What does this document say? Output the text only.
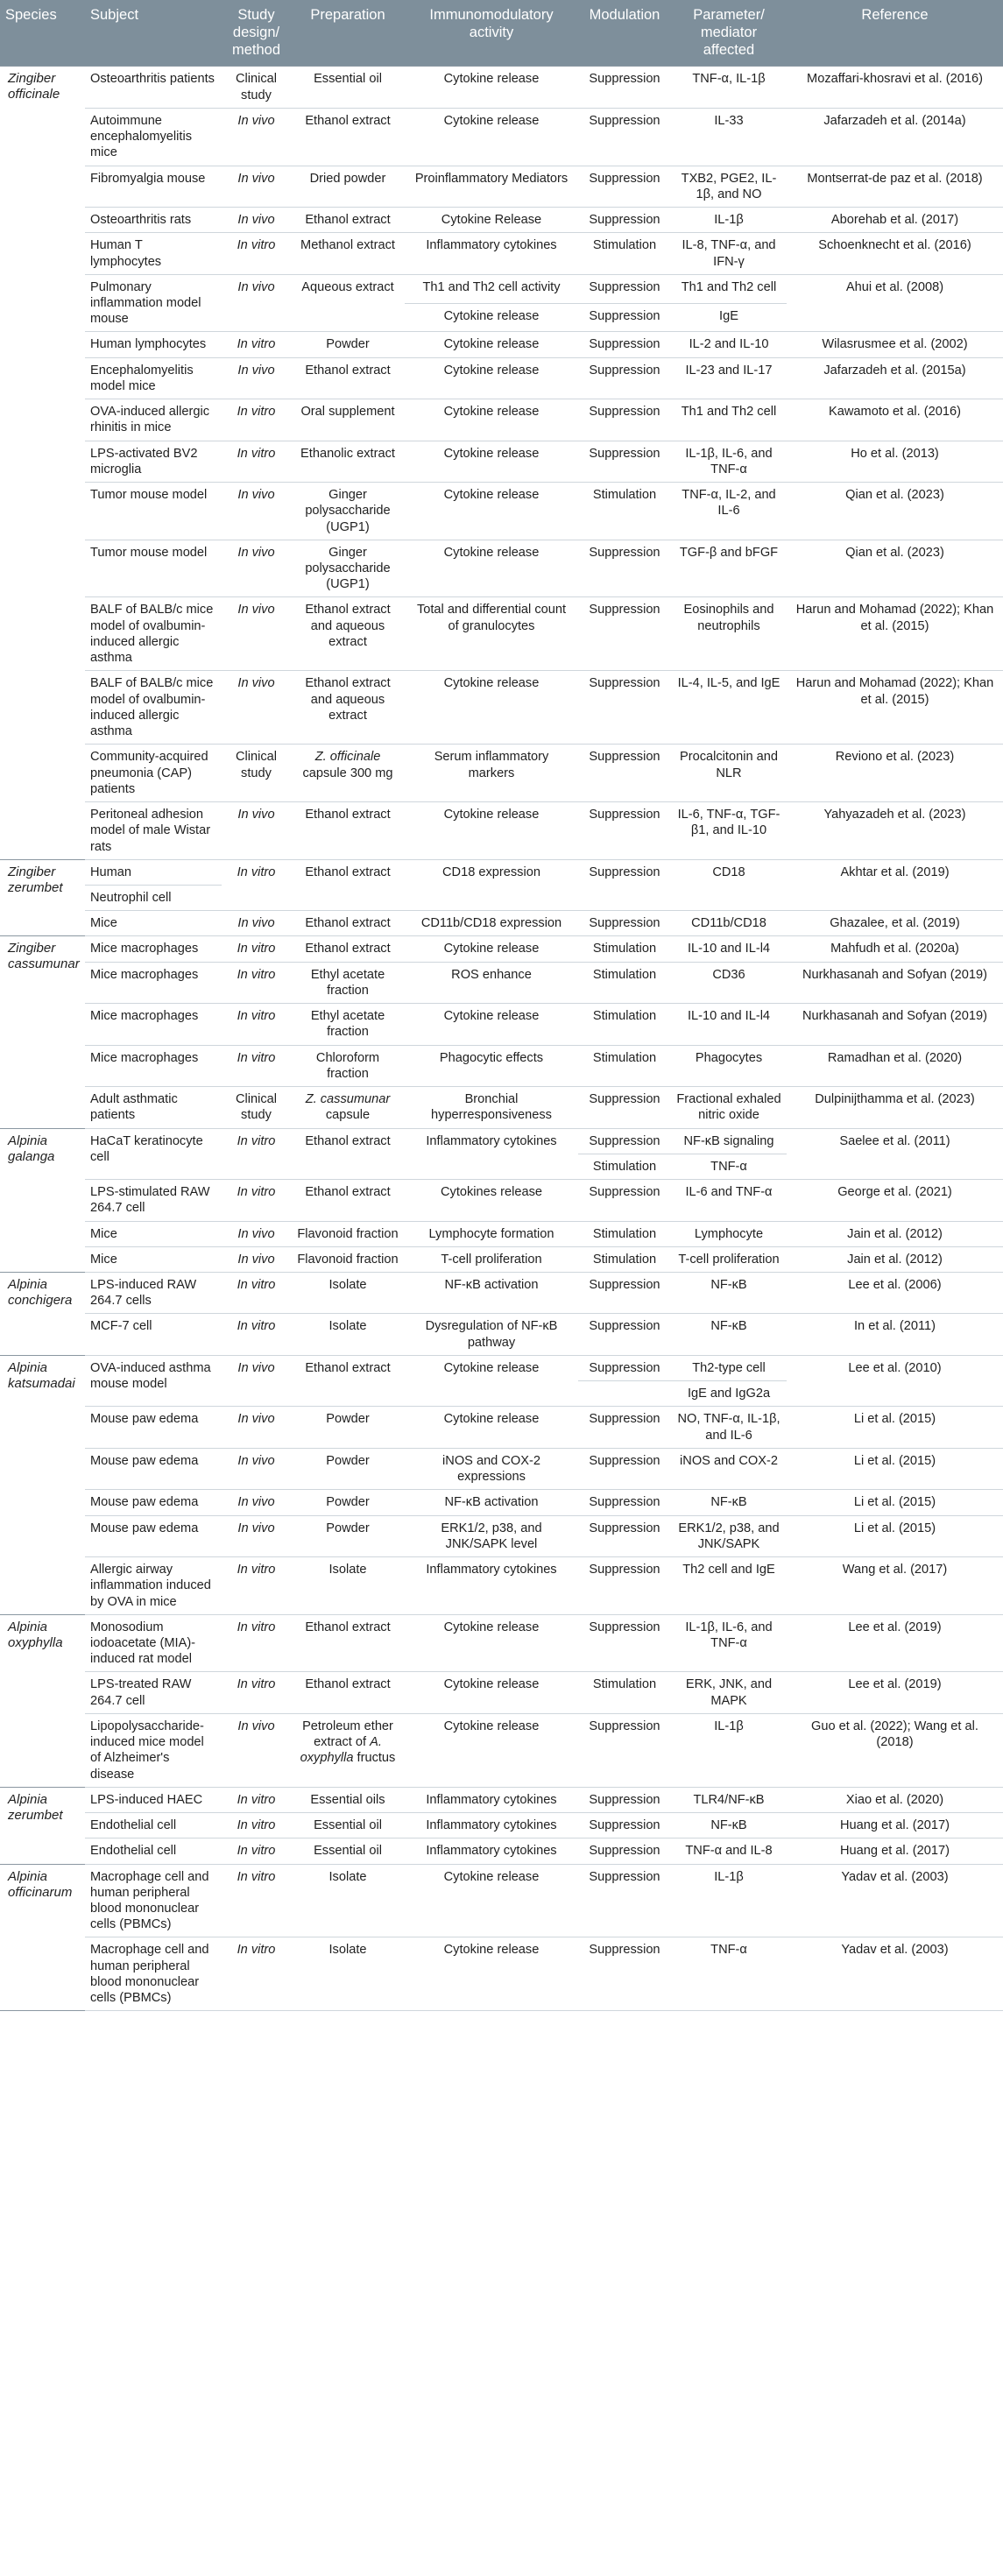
Species	Subject	Study design/ method	Preparation	Immunomodulatory activity	Modulation	Parameter/ mediator affected	Reference
Zingiber officinale	Osteoarthritis patients	Clinical study	Essential oil	Cytokine release	Suppression	TNF-α, IL-1β	Mozaffari-khosravi et al. (2016)
	Autoimmune encephalomyelitis mice	In vivo	Ethanol extract	Cytokine release	Suppression	IL-33	Jafarzadeh et al. (2014a)
	Fibromyalgia mouse	In vivo	Dried powder	Proinflammatory Mediators	Suppression	TXB2, PGE2, IL-1β, and NO	Montserrat-de paz et al. (2018)
	Osteoarthritis rats	In vivo	Ethanol extract	Cytokine Release	Suppression	IL-1β	Aborehab et al. (2017)
	Human T lymphocytes	In vitro	Methanol extract	Inflammatory cytokines	Stimulation	IL-8, TNF-α, and IFN-γ	Schoenknecht et al. (2016)
	Pulmonary inflammation model mouse	In vivo	Aqueous extract	Th1 and Th2 cell activity	Suppression	Th1 and Th2 cell	Ahui et al. (2008)
				Cytokine release	Suppression	IgE	
	Human lymphocytes	In vitro	Powder	Cytokine release	Suppression	IL-2 and IL-10	Wilasrusmee et al. (2002)
	Encephalomyelitis model mice	In vivo	Ethanol extract	Cytokine release	Suppression	IL-23 and IL-17	Jafarzadeh et al. (2015a)
	OVA-induced allergic rhinitis in mice	In vitro	Oral supplement	Cytokine release	Suppression	Th1 and Th2 cell	Kawamoto et al. (2016)
	LPS-activated BV2 microglia	In vitro	Ethanolic extract	Cytokine release	Suppression	IL-1β, IL-6, and TNF-α	Ho et al. (2013)
	Tumor mouse model	In vivo	Ginger polysaccharide (UGP1)	Cytokine release	Stimulation	TNF-α, IL-2, and IL-6	Qian et al. (2023)
	Tumor mouse model	In vivo	Ginger polysaccharide (UGP1)	Cytokine release	Suppression	TGF-β and bFGF	Qian et al. (2023)
	BALF of BALB/c mice model of ovalbumin-induced allergic asthma	In vivo	Ethanol extract and aqueous extract	Total and differential count of granulocytes	Suppression	Eosinophils and neutrophils	Harun and Mohamad (2022); Khan et al. (2015)
	BALF of BALB/c mice model of ovalbumin-induced allergic asthma	In vivo	Ethanol extract and aqueous extract	Cytokine release	Suppression	IL-4, IL-5, and IgE	Harun and Mohamad (2022); Khan et al. (2015)
	Community-acquired pneumonia (CAP) patients	Clinical study	Z. officinale capsule 300 mg	Serum inflammatory markers	Suppression	Procalcitonin and NLR	Reviono et al. (2023)
	Peritoneal adhesion model of male Wistar rats	In vivo	Ethanol extract	Cytokine release	Suppression	IL-6, TNF-α, TGF-β1, and IL-10	Yahyazadeh et al. (2023)
Zingiber zerumbet	Human	In vitro	Ethanol extract	CD18 expression	Suppression	CD18	Akhtar et al. (2019)
	Neutrophil cell						
	Mice	In vivo	Ethanol extract	CD11b/CD18 expression	Suppression	CD11b/CD18	Ghazalee, et al. (2019)
Zingiber cassumunar	Mice macrophages	In vitro	Ethanol extract	Cytokine release	Stimulation	IL-10 and IL-l4	Mahfudh et al. (2020a)
	Mice macrophages	In vitro	Ethyl acetate fraction	ROS enhance	Stimulation	CD36	Nurkhasanah and Sofyan (2019)
	Mice macrophages	In vitro	Ethyl acetate fraction	Cytokine release	Stimulation	IL-10 and IL-l4	Nurkhasanah and Sofyan (2019)
	Mice macrophages	In vitro	Chloroform fraction	Phagocytic effects	Stimulation	Phagocytes	Ramadhan et al. (2020)
	Adult asthmatic patients	Clinical study	Z. cassumunar capsule	Bronchial hyperresponsiveness	Suppression	Fractional exhaled nitric oxide	Dulpinijthamma et al. (2023)
Alpinia galanga	HaCaT keratinocyte cell	In vitro	Ethanol extract	Inflammatory cytokines	Suppression	NF-κB signaling	Saelee et al. (2011)
					Stimulation	TNF-α	
	LPS-stimulated RAW 264.7 cell	In vitro	Ethanol extract	Cytokines release	Suppression	IL-6 and TNF-α	George et al. (2021)
	Mice	In vivo	Flavonoid fraction	Lymphocyte formation	Stimulation	Lymphocyte	Jain et al. (2012)
	Mice	In vivo	Flavonoid fraction	T-cell proliferation	Stimulation	T-cell proliferation	Jain et al. (2012)
Alpinia conchigera	LPS-induced RAW 264.7 cells	In vitro	Isolate	NF-κB activation	Suppression	NF-κB	Lee et al. (2006)
	MCF-7 cell	In vitro	Isolate	Dysregulation of NF-κB pathway	Suppression	NF-κB	In et al. (2011)
Alpinia katsumadai	OVA-induced asthma mouse model	In vivo	Ethanol extract	Cytokine release	Suppression	Th2-type cell	Lee et al. (2010)
						IgE and IgG2a	
	Mouse paw edema	In vivo	Powder	Cytokine release	Suppression	NO, TNF-α, IL-1β, and IL-6	Li et al. (2015)
	Mouse paw edema	In vivo	Powder	iNOS and COX-2 expressions	Suppression	iNOS and COX-2	Li et al. (2015)
	Mouse paw edema	In vivo	Powder	NF-κB activation	Suppression	NF-κB	Li et al. (2015)
	Mouse paw edema	In vivo	Powder	ERK1/2, p38, and JNK/SAPK level	Suppression	ERK1/2, p38, and JNK/SAPK	Li et al. (2015)
	Allergic airway inflammation induced by OVA in mice	In vitro	Isolate	Inflammatory cytokines	Suppression	Th2 cell and IgE	Wang et al. (2017)
Alpinia oxyphylla	Monosodium iodoacetate (MIA)-induced rat model	In vitro	Ethanol extract	Cytokine release	Suppression	IL-1β, IL-6, and TNF-α	Lee et al. (2019)
	LPS-treated RAW 264.7 cell	In vitro	Ethanol extract	Cytokine release	Stimulation	ERK, JNK, and MAPK	Lee et al. (2019)
	Lipopolysaccharide-induced mice model of Alzheimer's disease	In vivo	Petroleum ether extract of A. oxyphylla fructus	Cytokine release	Suppression	IL-1β	Guo et al. (2022); Wang et al. (2018)
Alpinia zerumbet	LPS-induced HAEC	In vitro	Essential oils	Inflammatory cytokines	Suppression	TLR4/NF-κB	Xiao et al. (2020)
	Endothelial cell	In vitro	Essential oil	Inflammatory cytokines	Suppression	NF-κB	Huang et al. (2017)
	Endothelial cell	In vitro	Essential oil	Inflammatory cytokines	Suppression	TNF-α and IL-8	Huang et al. (2017)
Alpinia officinarum	Macrophage cell and human peripheral blood mononuclear cells (PBMCs)	In vitro	Isolate	Cytokine release	Suppression	IL-1β	Yadav et al. (2003)
	Macrophage cell and human peripheral blood mononuclear cells (PBMCs)	In vitro	Isolate	Cytokine release	Suppression	TNF-α	Yadav et al. (2003)
